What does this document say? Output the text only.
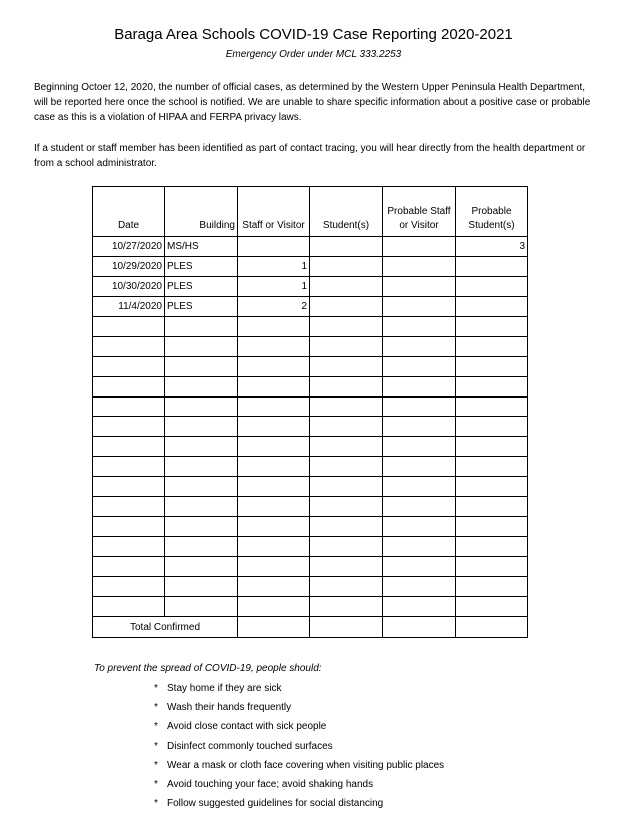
Baraga Area Schools COVID-19 Case Reporting 2020-2021
Emergency Order under MCL 333.2253
Beginning Octoer 12, 2020, the number of official cases, as determined by the Western Upper Peninsula Health Department, will be reported here once the school is notified. We are unable to share specific information about a positive case or probable case as this is a violation of HIPAA and FERPA privacy laws.
If a student or staff member has been identified as part of contact tracing, you will hear directly from the health department or from a school administrator.
Date	Building	Staff or Visitor	Student(s)	Probable Staff or Visitor	Probable Student(s)
10/27/2020	MS/HS				3
10/29/2020	PLES	1			
10/30/2020	PLES	1			
11/4/2020	PLES	2			

Total Confirmed					
To prevent the spread of COVID-19, people should:
* Stay home if they are sick
* Wash their hands frequently
* Avoid close contact with sick people
* Disinfect commonly touched surfaces
* Wear a mask or cloth face covering when visiting public places
* Avoid touching your face; avoid shaking hands
* Follow suggested guidelines for social distancing
